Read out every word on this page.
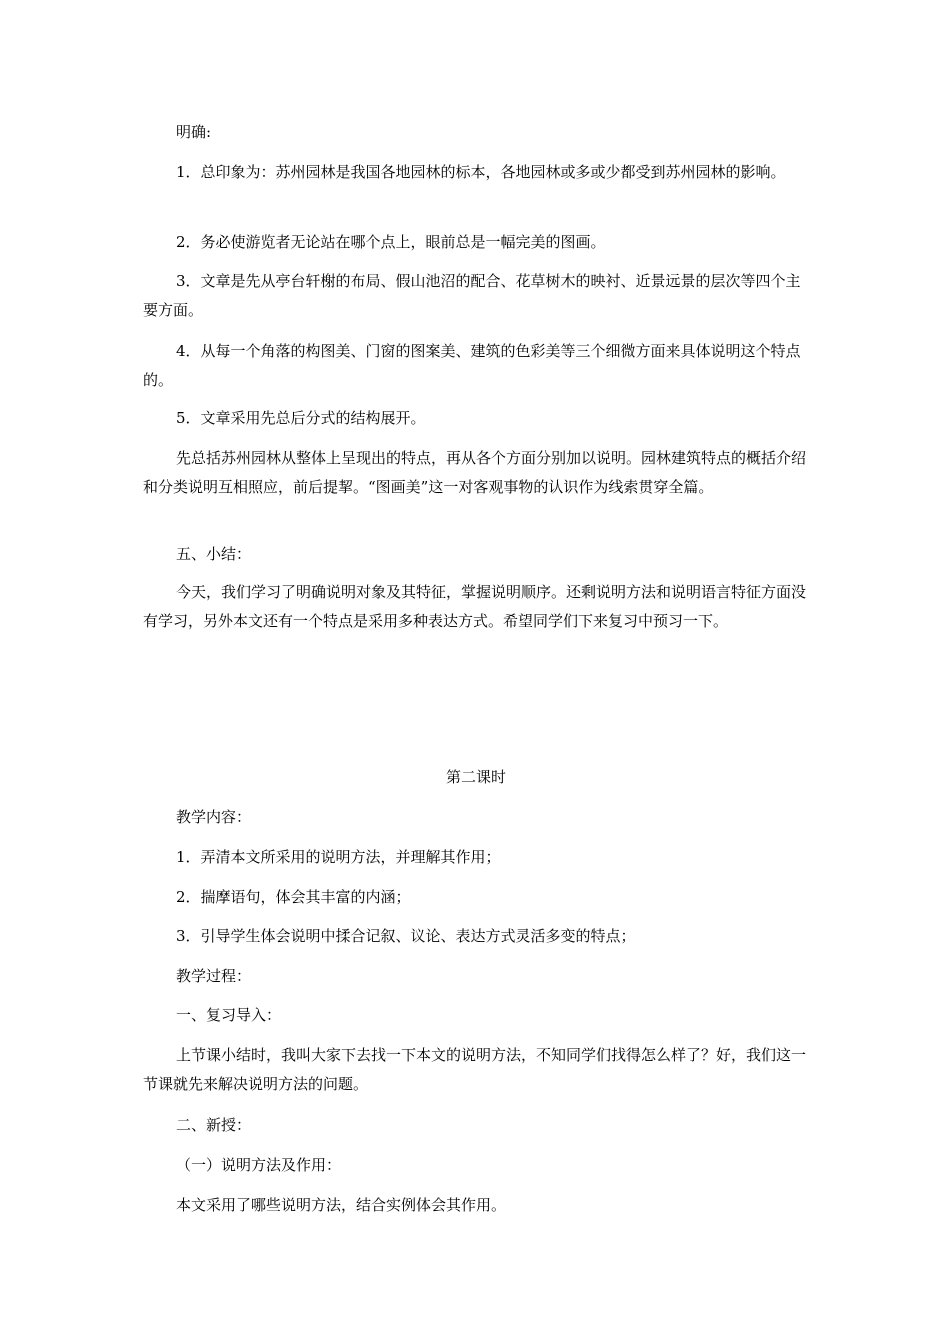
明确:

1．总印象为：苏州园林是我国各地园林的标本，各地园林或多或少都受到苏州园林的影响。

2．务必使游览者无论站在哪个点上，眼前总是一幅完美的图画。

3．文章是先从亭台轩榭的布局、假山池沼的配合、花草树木的映衬、近景远景的层次等四个主要方面。

4．从每一个角落的构图美、门窗的图案美、建筑的色彩美等三个细微方面来具体说明这个特点的。

5．文章采用先总后分式的结构展开。

先总括苏州园林从整体上呈现出的特点，再从各个方面分别加以说明。园林建筑特点的概括介绍和分类说明互相照应，前后提挈。“图画美”这一对客观事物的认识作为线索贯穿全篇。

五、小结：

今天，我们学习了明确说明对象及其特征，掌握说明顺序。还剩说明方法和说明语言特征方面没有学习，另外本文还有一个特点是采用多种表达方式。希望同学们下来复习中预习一下。

第二课时

教学内容：

1．弄清本文所采用的说明方法，并理解其作用；

2．揣摩语句，体会其丰富的内涵；

3．引导学生体会说明中揉合记叙、议论、表达方式灵活多变的特点；

教学过程：

一、复习导入：

上节课小结时，我叫大家下去找一下本文的说明方法，不知同学们找得怎么样了？好，我们这一节课就先来解决说明方法的问题。

二、新授：

（一）说明方法及作用：

本文采用了哪些说明方法，结合实例体会其作用。
